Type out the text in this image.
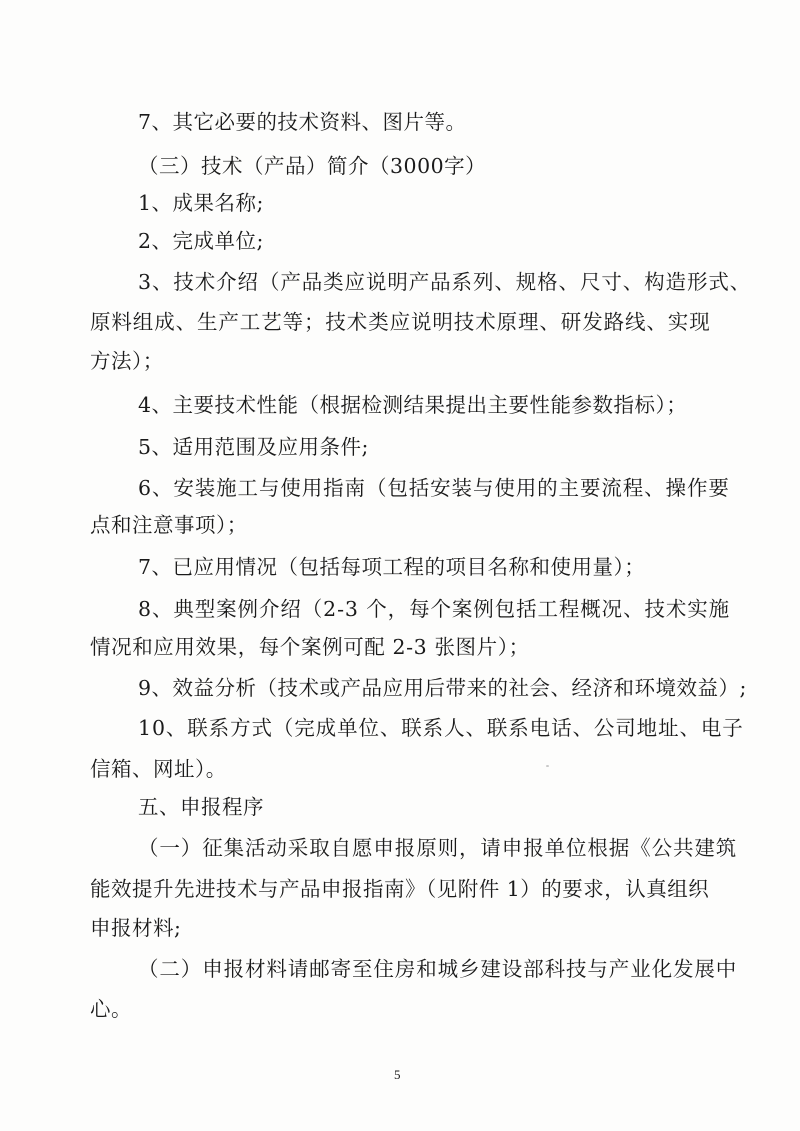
7、其它必要的技术资料、图片等。
（三）技术（产品）简介（3000字）
1、成果名称;
2、完成单位;
3、技术介绍（产品类应说明产品系列、规格、尺寸、构造形式、
原料组成、生产工艺等；技术类应说明技术原理、研发路线、实现
方法）；
4、主要技术性能（根据检测结果提出主要性能参数指标）；
5、适用范围及应用条件;
6、安装施工与使用指南（包括安装与使用的主要流程、操作要
点和注意事项）；
7、已应用情况（包括每项工程的项目名称和使用量）；
8、典型案例介绍（2-3 个，每个案例包括工程概况、技术实施
情况和应用效果，每个案例可配 2-3 张图片）；
9、效益分析（技术或产品应用后带来的社会、经济和环境效益）;
10、联系方式（完成单位、联系人、联系电话、公司地址、电子
信箱、网址）。
五、申报程序
（一）征集活动采取自愿申报原则，请申报单位根据《公共建筑
能效提升先进技术与产品申报指南》（见附件 1）的要求，认真组织
申报材料;
（二）申报材料请邮寄至住房和城乡建设部科技与产业化发展中
心。
5
